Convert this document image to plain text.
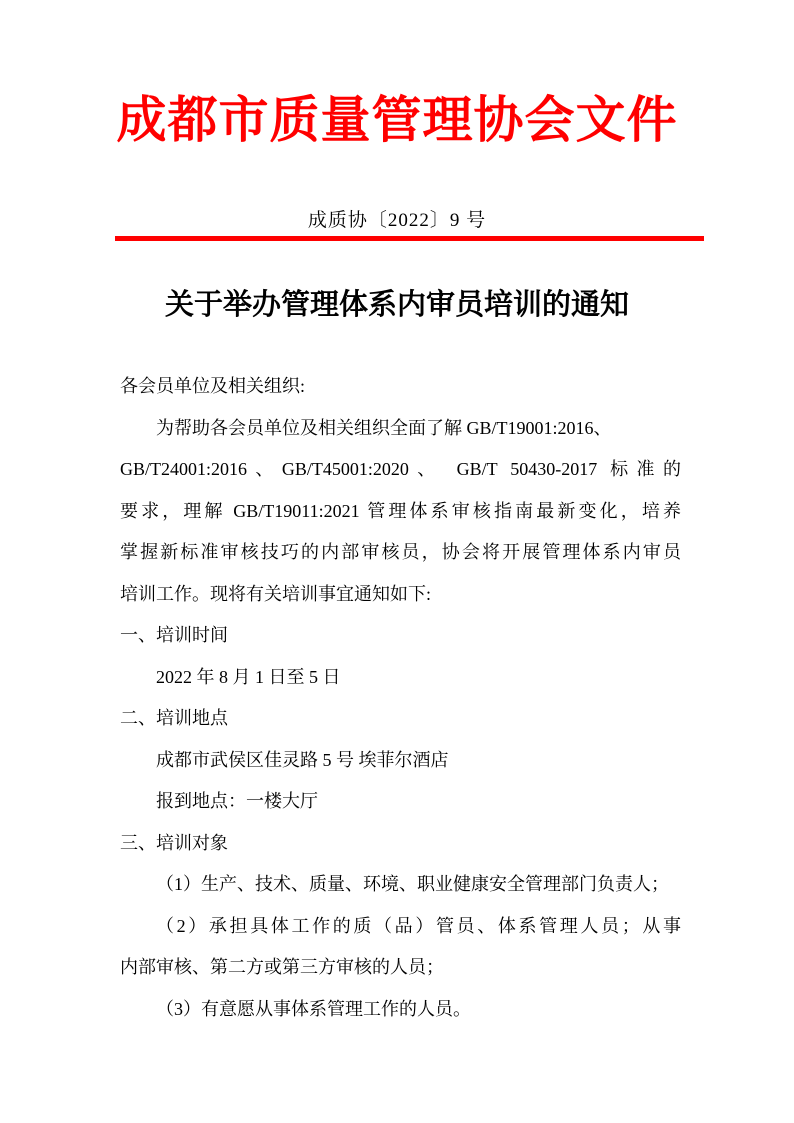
成都市质量管理协会文件
成质协〔2022〕9 号
关于举办管理体系内审员培训的通知
各会员单位及相关组织:
为帮助各会员单位及相关组织全面了解 GB/T19001:2016、
GB/T24001:2016、GB/T45001:2020、 GB/T 50430-2017 标准的
要求，理解 GB/T19011:2021 管理体系审核指南最新变化，培养
掌握新标准审核技巧的内部审核员，协会将开展管理体系内审员
培训工作。现将有关培训事宜通知如下:
一、培训时间
2022 年 8 月 1 日至 5 日
二、培训地点
成都市武侯区佳灵路 5 号 埃菲尔酒店
报到地点：一楼大厅
三、培训对象
（1）生产、技术、质量、环境、职业健康安全管理部门负责人；
（2）承担具体工作的质（品）管员、体系管理人员；从事
内部审核、第二方或第三方审核的人员；
（3）有意愿从事体系管理工作的人员。
